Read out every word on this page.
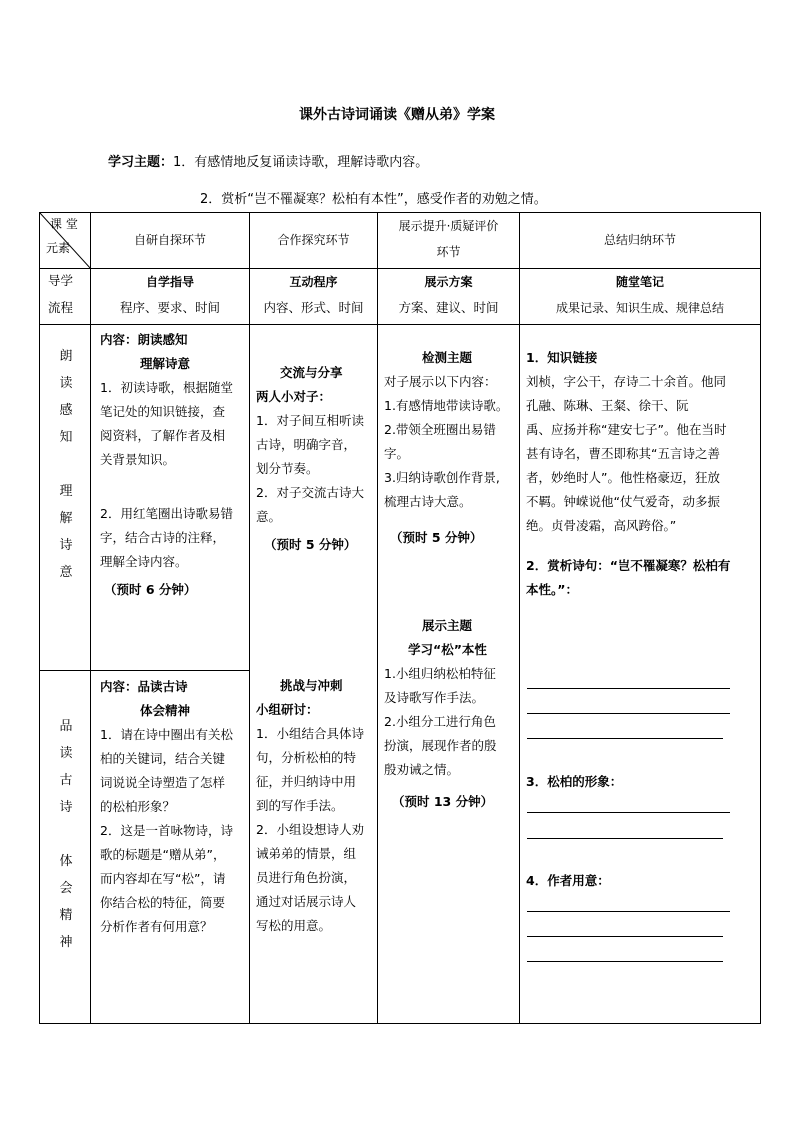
课外古诗词诵读《赠从弟》学案
学习主题：1．有感情地反复诵读诗歌，理解诗歌内容。
2．赏析“岂不罹凝寒？松柏有本性”，感受作者的劝勉之情。
课 堂
元素
导学
流程
自研自探环节
自学指导
程序、要求、时间
合作探究环节
互动程序
内容、形式、时间
展示提升·质疑评价
环节
展示方案
方案、建议、时间
总结归纳环节
随堂笔记
成果记录、知识生成、规律总结
朗
读
感
知
理
解
诗
意
内容：朗读感知
理解诗意
1．初读诗歌，根据随堂
笔记处的知识链接，查
阅资料，了解作者及相
关背景知识。
2．用红笔圈出诗歌易错
字，结合古诗的注释，
理解全诗内容。
（预时 6 分钟）
品
读
古
诗
体
会
精
神
内容：品读古诗
体会精神
1．请在诗中圈出有关松
柏的关键词，结合关键
词说说全诗塑造了怎样
的松柏形象？
2．这是一首咏物诗，诗
歌的标题是“赠从弟”，
而内容却在写“松”，请
你结合松的特征，简要
分析作者有何用意？
交流与分享
两人小对子：
1．对子间互相听读
古诗，明确字音，
划分节奏。
2．对子交流古诗大
意。
（预时 5 分钟）
挑战与冲刺
小组研讨：
1．小组结合具体诗
句，分析松柏的特
征，并归纳诗中用
到的写作手法。
2．小组设想诗人劝
诫弟弟的情景，组
员进行角色扮演，
通过对话展示诗人
写松的用意。
检测主题
对子展示以下内容：
1.有感情地带读诗歌。
2.带领全班圈出易错
字。
3.归纳诗歌创作背景,
梳理古诗大意。
（预时 5 分钟）
展示主题
学习“松”本性
1.小组归纳松柏特征
及诗歌写作手法。
2.小组分工进行角色
扮演，展现作者的殷
殷劝诫之情。
（预时 13 分钟）
1．知识链接
刘桢，字公干，存诗二十余首。他同
孔融、陈琳、王粲、徐干、阮
禹、应扬并称“建安七子”。他在当时
甚有诗名，曹丕即称其“五言诗之善
者，妙绝时人”。他性格豪迈，狂放
不羁。钟嵘说他“仗气爱奇，动多振
绝。贞骨凌霜，高风跨俗。”
2．赏析诗句：“岂不罹凝寒？松柏有
本性。”：
3．松柏的形象：
4．作者用意：
